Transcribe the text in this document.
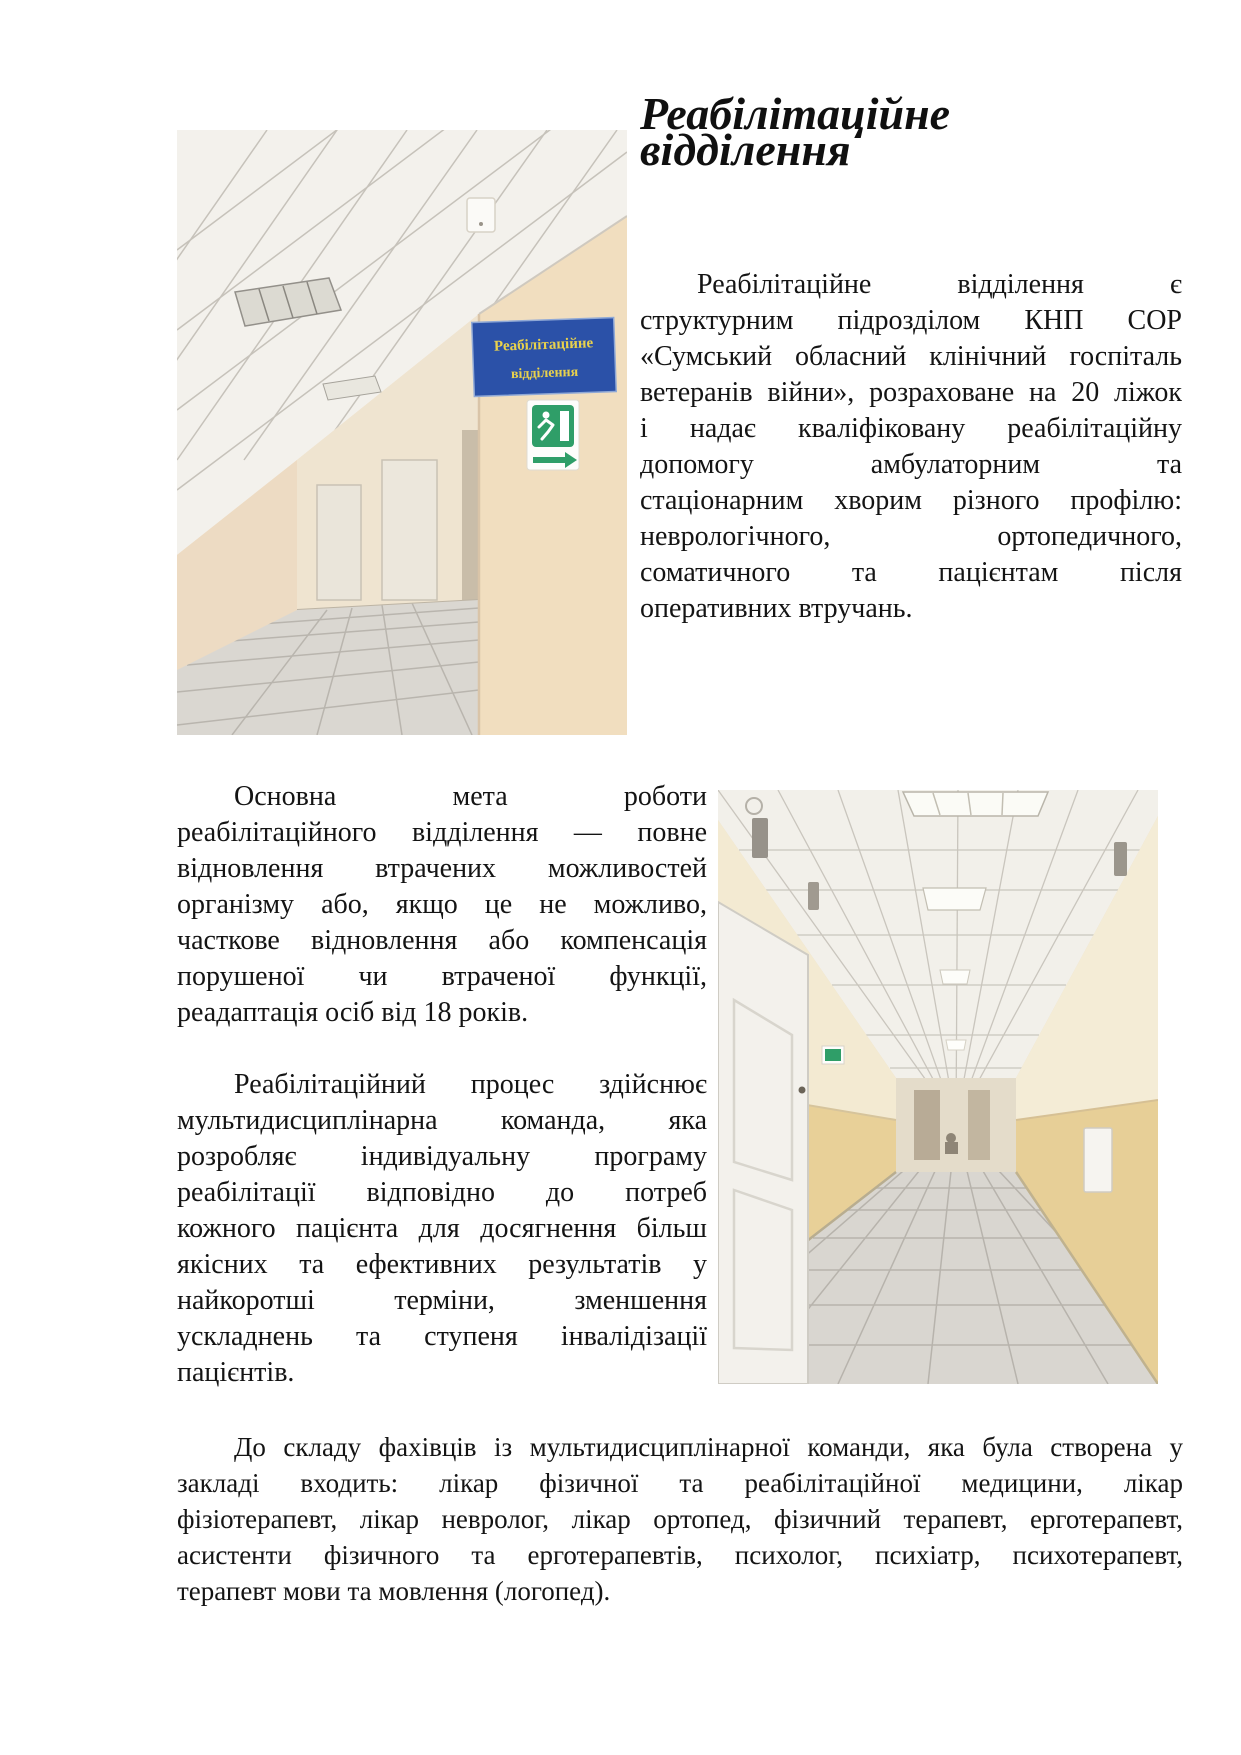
Реабілітаційне
відділення
Реабілітаційне
відділення
Реабілітаційне відділення є
структурним підрозділом КНП СОР
«Сумський обласний клінічний госпіталь
ветеранів війни», розраховане на 20 ліжок
і надає кваліфіковану реабілітаційну
допомогу амбулаторним та
стаціонарним хворим різного профілю:
неврологічного, ортопедичного,
соматичного та пацієнтам після
оперативних втручань.
Основна мета роботи
реабілітаційного відділення — повне
відновлення втрачених можливостей
організму або, якщо це не можливо,
часткове відновлення або компенсація
порушеної чи втраченої функції,
реадаптація осіб від 18 років.
Реабілітаційний процес здійснює
мультидисциплінарна команда, яка
розробляє індивідуальну програму
реабілітації відповідно до потреб
кожного пацієнта для досягнення більш
якісних та ефективних результатів у
найкоротші терміни, зменшення
ускладнень та ступеня інвалідізації
пацієнтів.
До складу фахівців із мультидисциплінарної команди, яка була створена у
закладі входить: лікар фізичної та реабілітаційної медицини, лікар
фізіотерапевт, лікар невролог, лікар ортопед, фізичний терапевт, ерготерапевт,
асистенти фізичного та ерготерапевтів, психолог, психіатр, психотерапевт,
терапевт мови та мовлення (логопед).
